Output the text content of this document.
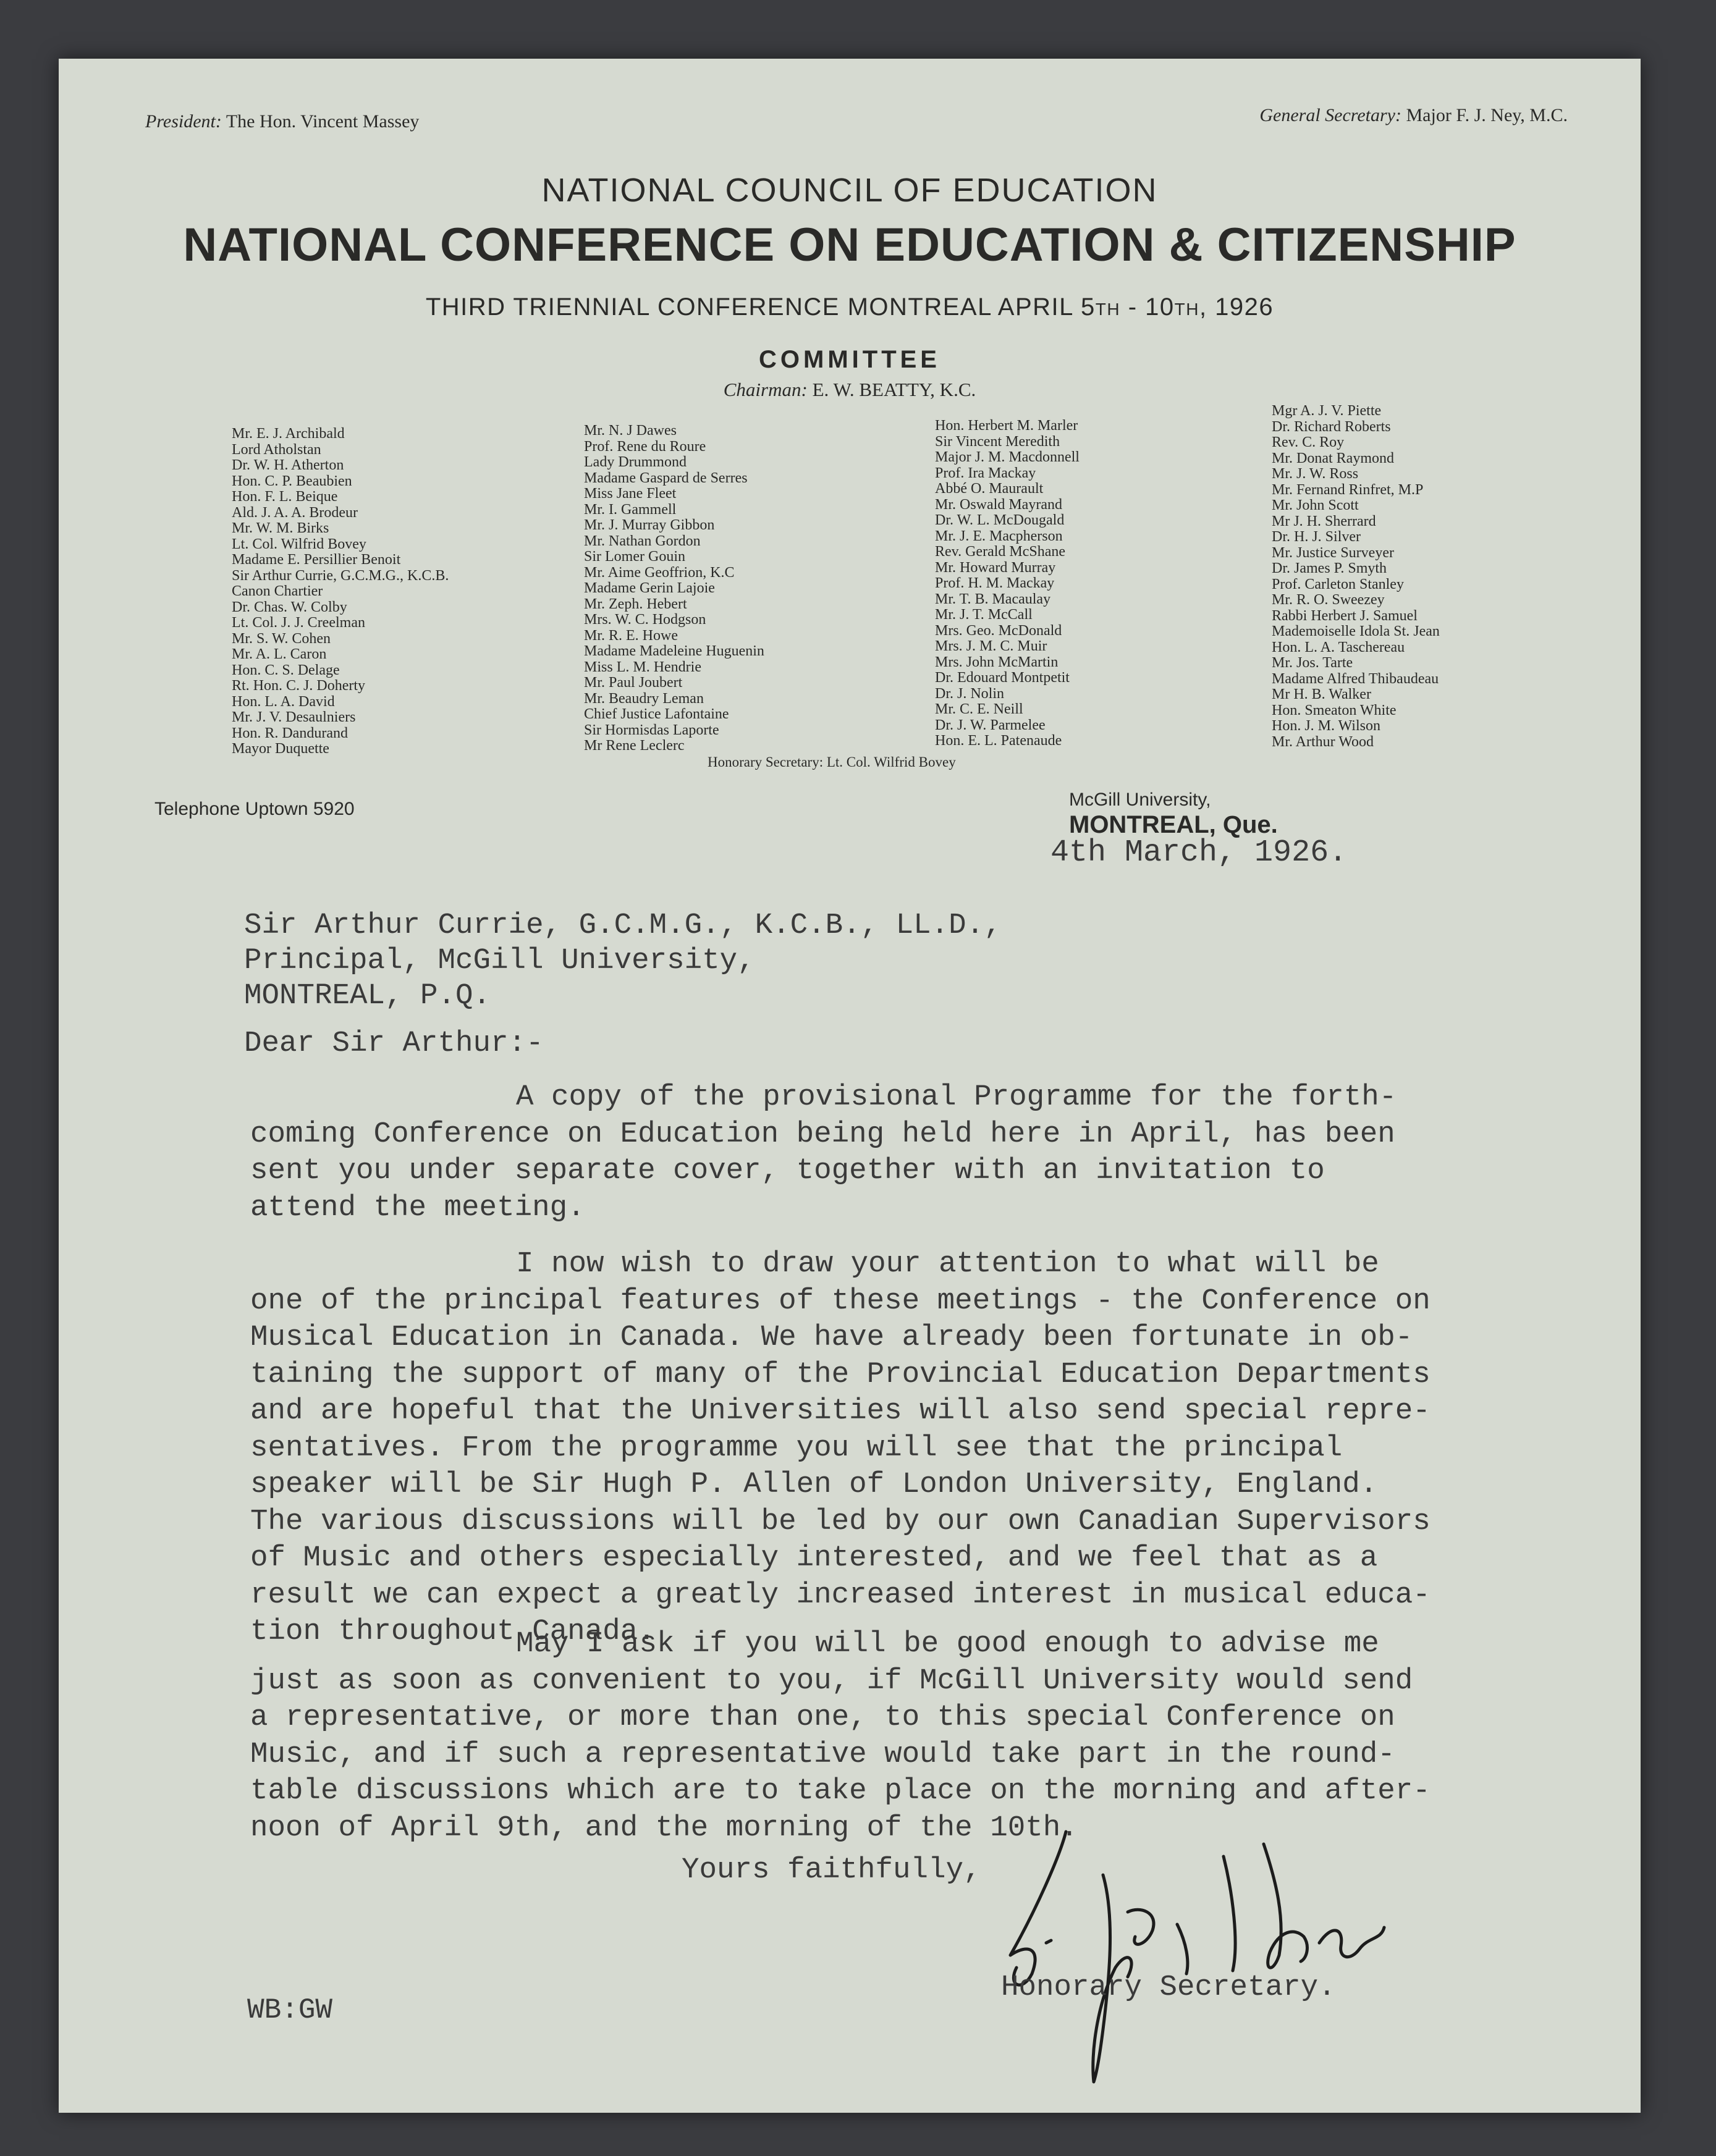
President: The Hon. Vincent Massey	General Secretary: Major F. J. Ney, M.C.
NATIONAL COUNCIL OF EDUCATION
NATIONAL CONFERENCE ON EDUCATION & CITIZENSHIP
THIRD TRIENNIAL CONFERENCE MONTREAL APRIL 5TH - 10TH, 1926
COMMITTEE
Chairman: E. W. BEATTY, K.C.
Mr. E. J. Archibald
Lord Atholstan
Dr. W. H. Atherton
Hon. C. P. Beaubien
Hon. F. L. Beique
Ald. J. A. A. Brodeur
Mr. W. M. Birks
Lt. Col. Wilfrid Bovey
Madame E. Persillier Benoit
Sir Arthur Currie, G.C.M.G., K.C.B.
Canon Chartier
Dr. Chas. W. Colby
Lt. Col. J. J. Creelman
Mr. S. W. Cohen
Mr. A. L. Caron
Hon. C. S. Delage
Rt. Hon. C. J. Doherty
Hon. L. A. David
Mr. J. V. Desaulniers
Hon. R. Dandurand
Mayor Duquette
Mr. N. J Dawes
Prof. Rene du Roure
Lady Drummond
Madame Gaspard de Serres
Miss Jane Fleet
Mr. I. Gammell
Mr. J. Murray Gibbon
Mr. Nathan Gordon
Sir Lomer Gouin
Mr. Aime Geoffrion, K.C
Madame Gerin Lajoie
Mr. Zeph. Hebert
Mrs. W. C. Hodgson
Mr. R. E. Howe
Madame Madeleine Huguenin
Miss L. M. Hendrie
Mr. Paul Joubert
Mr. Beaudry Leman
Chief Justice Lafontaine
Sir Hormisdas Laporte
Mr Rene Leclerc
Hon. Herbert M. Marler
Sir Vincent Meredith
Major J. M. Macdonnell
Prof. Ira Mackay
Abbé O. Maurault
Mr. Oswald Mayrand
Dr. W. L. McDougald
Mr. J. E. Macpherson
Rev. Gerald McShane
Mr. Howard Murray
Prof. H. M. Mackay
Mr. T. B. Macaulay
Mr. J. T. McCall
Mrs. Geo. McDonald
Mrs. J. M. C. Muir
Mrs. John McMartin
Dr. Edouard Montpetit
Dr. J. Nolin
Mr. C. E. Neill
Dr. J. W. Parmelee
Hon. E. L. Patenaude
Mgr A. J. V. Piette
Dr. Richard Roberts
Rev. C. Roy
Mr. Donat Raymond
Mr. J. W. Ross
Mr. Fernand Rinfret, M.P
Mr. John Scott
Mr J. H. Sherrard
Dr. H. J. Silver
Mr. Justice Surveyer
Dr. James P. Smyth
Prof. Carleton Stanley
Mr. R. O. Sweezey
Rabbi Herbert J. Samuel
Mademoiselle Idola St. Jean
Hon. L. A. Taschereau
Mr. Jos. Tarte
Madame Alfred Thibaudeau
Mr H. B. Walker
Hon. Smeaton White
Hon. J. M. Wilson
Mr. Arthur Wood
Honorary Secretary: Lt. Col. Wilfrid Bovey
Telephone Uptown 5920	McGill University,
MONTREAL, Que.
4th March, 1926.
Sir Arthur Currie, G.C.M.G., K.C.B., LL.D.,
Principal, McGill University,
MONTREAL, P.Q.
Dear Sir Arthur:-
A copy of the provisional Programme for the forth-
coming Conference on Education being held here in April, has been
sent you under separate cover, together with an invitation to
attend the meeting.
I now wish to draw your attention to what will be
one of the principal features of these meetings - the Conference on
Musical Education in Canada. We have already been fortunate in ob-
taining the support of many of the Provincial Education Departments
and are hopeful that the Universities will also send special repre-
sentatives. From the programme you will see that the principal
speaker will be Sir Hugh P. Allen of London University, England.
The various discussions will be led by our own Canadian Supervisors
of Music and others especially interested, and we feel that as a
result we can expect a greatly increased interest in musical educa-
tion throughout Canada.
May I ask if you will be good enough to advise me
just as soon as convenient to you, if McGill University would send
a representative, or more than one, to this special Conference on
Music, and if such a representative would take part in the round-
table discussions which are to take place on the morning and after-
noon of April 9th, and the morning of the 10th.
Yours faithfully,
Honorary Secretary.
WB:GW
